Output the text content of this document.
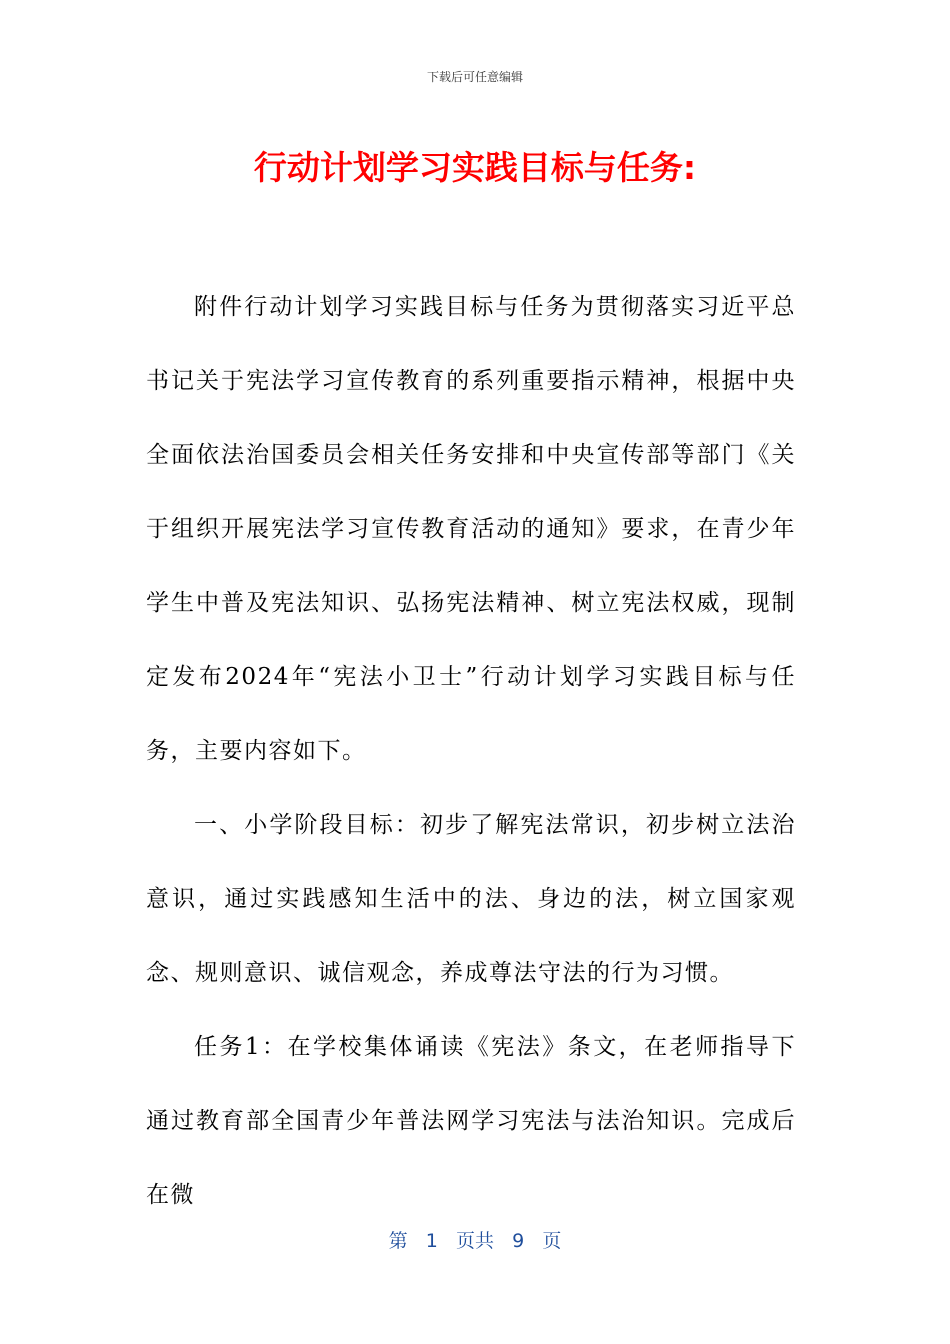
下载后可任意编辑
行动计划学习实践目标与任务:

附件行动计划学习实践目标与任务为贯彻落实习近平总书记关于宪法学习宣传教育的系列重要指示精神，根据中央全面依法治国委员会相关任务安排和中央宣传部等部门《关于组织开展宪法学习宣传教育活动的通知》要求，在青少年学生中普及宪法知识、弘扬宪法精神、树立宪法权威，现制定发布2024年“宪法小卫士”行动计划学习实践目标与任务，主要内容如下。

一、小学阶段目标：初步了解宪法常识，初步树立法治意识，通过实践感知生活中的法、身边的法，树立国家观念、规则意识、诚信观念，养成尊法守法的行为习惯。

任务1：在学校集体诵读《宪法》条文，在老师指导下通过教育部全国青少年普法网学习宪法与法治知识。完成后在微

第 1 页共 9 页
